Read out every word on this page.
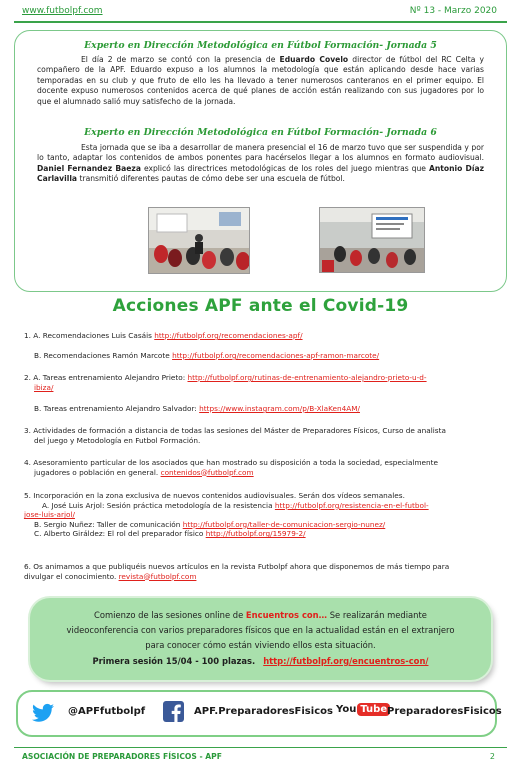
www.futbolpf.com	Nº 13 - Marzo 2020
Experto en Dirección Metodológica en Fútbol Formación- Jornada 5
El día 2 de marzo se contó con la presencia de Eduardo Covelo director de fútbol del RC Celta y compañero de la APF. Eduardo expuso a los alumnos la metodología que están aplicando desde hace varias temporadas en su club y que fruto de ello les ha llevado a tener numerosos canteranos en el primer equipo. El docente expuso numerosos contenidos acerca de qué planes de acción están realizando con sus jugadores por lo que el alumnado salió muy satisfecho de la jornada.
Experto en Dirección Metodológica en Fútbol Formación- Jornada 6
Esta jornada que se iba a desarrollar de manera presencial el 16 de marzo tuvo que ser suspendida y por lo tanto, adaptar los contenidos de ambos ponentes para hacérselos llegar a los alumnos en formato audiovisual. Daniel Fernandez Baeza explicó las directrices metodológicas de los roles del juego mientras que Antonio Díaz Carlavilla transmitió diferentes pautas de cómo debe ser una escuela de fútbol.
Acciones APF ante el Covid-19
1. A. Recomendaciones Luis Casáis http://futbolpf.org/recomendaciones-apf/
B. Recomendaciones Ramón Marcote http://futbolpf.org/recomendaciones-apf-ramon-marcote/
2. A. Tareas entrenamiento Alejandro Prieto: http://futbolpf.org/rutinas-de-entrenamiento-alejandro-prieto-u-d-
ibiza/
B. Tareas entrenamiento Alejandro Salvador: https://www.instagram.com/p/B-XlaKen4AM/
3. Actividades de formación a distancia de todas las sesiones del Máster de Preparadores Físicos, Curso de analista
del juego y Metodología en Futbol Formación.
4. Asesoramiento particular de los asociados que han mostrado su disposición a toda la sociedad, especialmente
jugadores o población en general. contenidos@futbolpf.com
5. Incorporación en la zona exclusiva de nuevos contenidos audiovisuales. Serán dos vídeos semanales.
A. José Luis Arjol: Sesión práctica metodología de la resistencia http://futbolpf.org/resistencia-en-el-futbol-
jose-luis-arjol/
B. Sergio Nuñez: Taller de comunicación http://futbolpf.org/taller-de-comunicacion-sergio-nunez/
C. Alberto Giráldez: El rol del preparador físico http://futbolpf.org/15979-2/
6. Os animamos a que publiquéis nuevos artículos en la revista Futbolpf ahora que disponemos de más tiempo para
divulgar el conocimiento. revista@futbolpf.com
Comienzo de las sesiones online de Encuentros con… Se realizarán mediante
videoconferencia con varios preparadores físicos que en la actualidad están en el extranjero
para conocer cómo están viviendo ellos esta situación.
Primera sesión 15/04 - 100 plazas. http://futbolpf.org/encuentros-con/
@APFfutbolpf	APF.PreparadoresFisicos You Tube PreparadoresFisicos
ASOCIACIÓN DE PREPARADORES FÍSICOS - APF	2
